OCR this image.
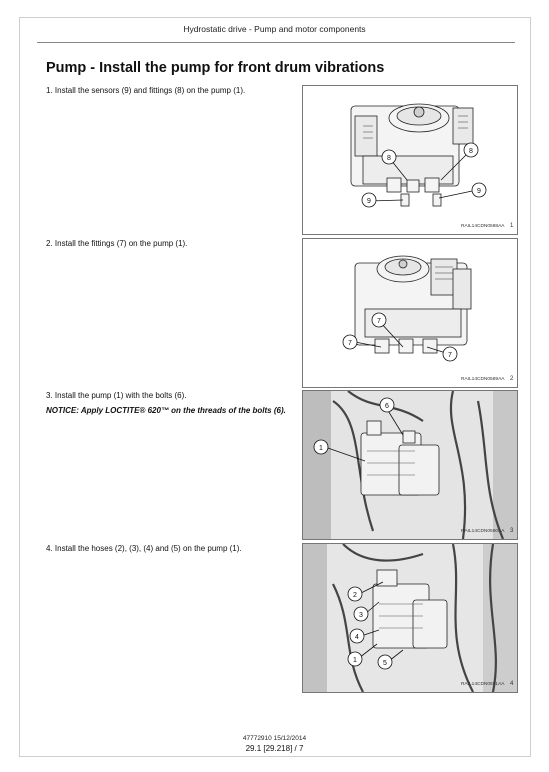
Hydrostatic drive - Pump and motor components
Pump - Install the pump for front drum vibrations
1. Install the sensors (9) and fittings (8) on the pump (1).
2. Install the fittings (7) on the pump (1).
3. Install the pump (1) with the bolts (6).
NOTICE: Apply LOCTITE® 620™ on the threads of the bolts (6).
4. Install the hoses (2), (3), (4) and (5) on the pump (1).
8
8
9
9
RAIL14CDN0588AA 1
7
7
7
RAIL14CDN0589AA 2
6
1
RAIL14CDN0590AA 3
2
3
4
1	5
RAIL14CDN0591AA 4
47772910 15/12/2014
29.1 [29.218] / 7
